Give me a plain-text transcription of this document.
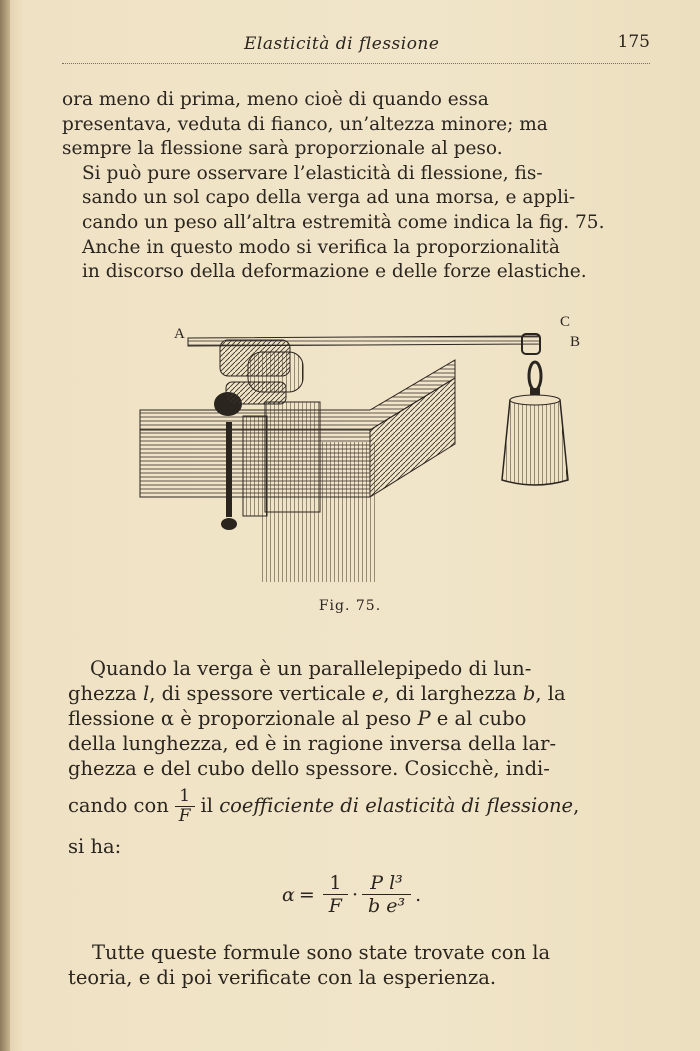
Elasticità di flessione	175

ora meno di prima, meno cioè di quando essa
presentava, veduta di fianco, un’altezza minore; ma
sempre la flessione sarà proporzionale al peso.

Si può pure osservare l’elasticità di flessione, fis-
sando un sol capo della verga ad una morsa, e appli-
cando un peso all’altra estremità come indica la fig. 75.
Anche in questo modo si verifica la proporzionalità
in discorso della deformazione e delle forze elastiche.

A
C
B
Fig. 75.

Quando la verga è un parallelepipedo di lun-

ghezza l, di spessore verticale e, di larghezza b, la
flessione α è proporzionale al peso P e al cubo
della lunghezza, ed è in ragione inversa della lar-
ghezza e del cubo dello spessore. Cosicchè, indi-
cando con $\frac{1}{F}$ il coefficiente di elasticità di flessione,
si ha:
$\alpha = \frac{1}{F} \cdot \frac{\text{P l³}}{\text{b e³}}$ .

Tutte queste formule sono state trovate con la

teoria, e di poi verificate con la esperienza.
